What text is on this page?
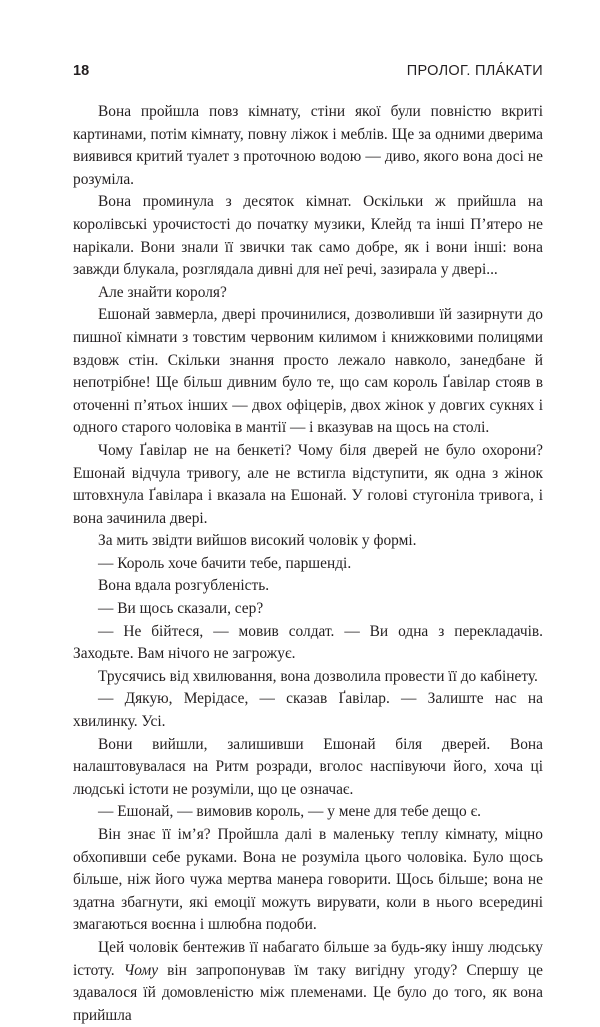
18	ПРОЛОГ. ПЛА́КАТИ

Вона пройшла повз кімнату, стіни якої були повністю вкриті картинами, потім кімнату, повну ліжок і меблів. Ще за одними дверима виявився критий туалет з проточною водою — диво, якого вона досі не розуміла.

Вона проминула з десяток кімнат. Оскільки ж прийшла на королівські урочистості до початку музики, Клейд та інші П’ятеро не нарікали. Вони знали її звички так само добре, як і вони інші: вона завжди блукала, розглядала дивні для неї речі, зазирала у двері...

Але знайти короля?

Ешонай завмерла, двері прочинилися, дозволивши їй зазирнути до пишної кімнати з товстим червоним килимом і книжковими полицями вздовж стін. Скільки знання просто лежало навколо, занедбане й непотрібне! Ще більш дивним було те, що сам король Ґавілар стояв в оточенні п’ятьох інших — двох офіцерів, двох жінок у довгих сукнях і одного старого чоловіка в мантії — і вказував на щось на столі.

Чому Ґавілар не на бенкеті? Чому біля дверей не було охорони? Ешонай відчула тривогу, але не встигла відступити, як одна з жінок штовхнула Ґавілара і вказала на Ешонай. У голові стугоніла тривога, і вона зачинила двері.

За мить звідти вийшов високий чоловік у формі.

— Король хоче бачити тебе, паршендi.

Вона вдала розгубленість.

— Ви щось сказали, сер?

— Не бійтеся, — мовив солдат. — Ви одна з перекладачів. Заходьте. Вам нічого не загрожує.

Трусячись від хвилювання, вона дозволила провести її до кабінету.

— Дякую, Мерідасе, — сказав Ґавілар. — Залиште нас на хвилинку. Усі.

Вони вийшли, залишивши Ешонай біля дверей. Вона налаштовувалася на Ритм розради, вголос наспівуючи його, хоча ці людські істоти не розуміли, що це означає.

— Ешонай, — вимовив король, — у мене для тебе дещо є.

Він знає її ім’я? Пройшла далі в маленьку теплу кімнату, міцно обхопивши себе руками. Вона не розуміла цього чоловіка. Було щось більше, ніж його чужа мертва манера говорити. Щось більше; вона не здатна збагнути, які емоції можуть вирувати, коли в нього всередині змагаються воєнна і шлюбна подоби.

Цей чоловік бентежив її набагато більше за будь-яку іншу людську істоту. Чому він запропонував їм таку вигідну угоду? Спершу це здавалося їй домовленістю між племенами. Це було до того, як вона прийшла
